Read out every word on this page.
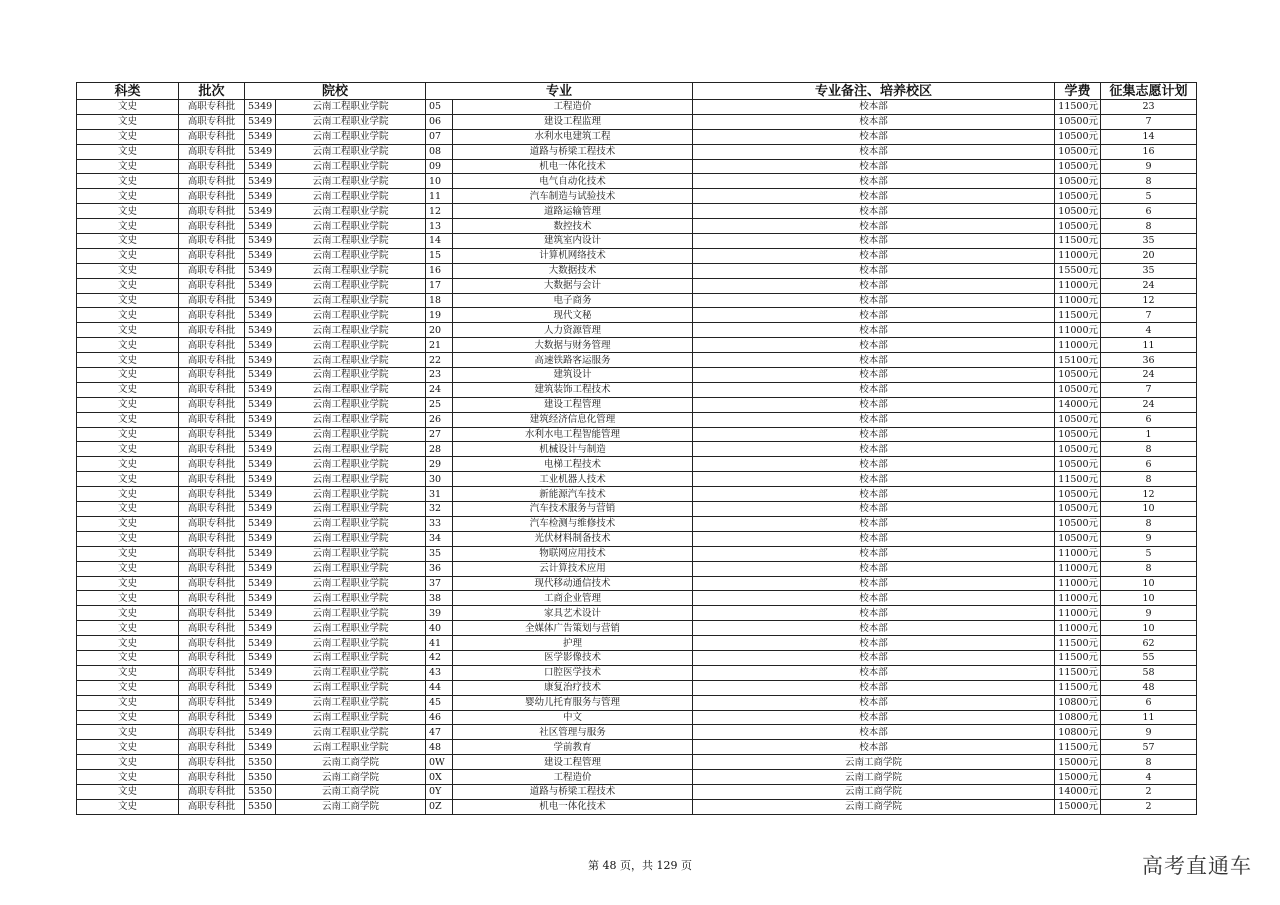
科类	批次	院校		专业		专业备注、培养校区	学费	征集志愿计划
文史	高职专科批	5349	云南工程职业学院	05	工程造价	校本部	11500元	23
文史	高职专科批	5349	云南工程职业学院	06	建设工程监理	校本部	10500元	7
文史	高职专科批	5349	云南工程职业学院	07	水利水电建筑工程	校本部	10500元	14
文史	高职专科批	5349	云南工程职业学院	08	道路与桥梁工程技术	校本部	10500元	16
文史	高职专科批	5349	云南工程职业学院	09	机电一体化技术	校本部	10500元	9
文史	高职专科批	5349	云南工程职业学院	10	电气自动化技术	校本部	10500元	8
文史	高职专科批	5349	云南工程职业学院	11	汽车制造与试验技术	校本部	10500元	5
文史	高职专科批	5349	云南工程职业学院	12	道路运输管理	校本部	10500元	6
文史	高职专科批	5349	云南工程职业学院	13	数控技术	校本部	10500元	8
文史	高职专科批	5349	云南工程职业学院	14	建筑室内设计	校本部	11500元	35
文史	高职专科批	5349	云南工程职业学院	15	计算机网络技术	校本部	11000元	20
文史	高职专科批	5349	云南工程职业学院	16	大数据技术	校本部	15500元	35
文史	高职专科批	5349	云南工程职业学院	17	大数据与会计	校本部	11000元	24
文史	高职专科批	5349	云南工程职业学院	18	电子商务	校本部	11000元	12
文史	高职专科批	5349	云南工程职业学院	19	现代文秘	校本部	11500元	7
文史	高职专科批	5349	云南工程职业学院	20	人力资源管理	校本部	11000元	4
文史	高职专科批	5349	云南工程职业学院	21	大数据与财务管理	校本部	11000元	11
文史	高职专科批	5349	云南工程职业学院	22	高速铁路客运服务	校本部	15100元	36
文史	高职专科批	5349	云南工程职业学院	23	建筑设计	校本部	10500元	24
文史	高职专科批	5349	云南工程职业学院	24	建筑装饰工程技术	校本部	10500元	7
文史	高职专科批	5349	云南工程职业学院	25	建设工程管理	校本部	14000元	24
文史	高职专科批	5349	云南工程职业学院	26	建筑经济信息化管理	校本部	10500元	6
文史	高职专科批	5349	云南工程职业学院	27	水利水电工程智能管理	校本部	10500元	1
文史	高职专科批	5349	云南工程职业学院	28	机械设计与制造	校本部	10500元	8
文史	高职专科批	5349	云南工程职业学院	29	电梯工程技术	校本部	10500元	6
文史	高职专科批	5349	云南工程职业学院	30	工业机器人技术	校本部	11500元	8
文史	高职专科批	5349	云南工程职业学院	31	新能源汽车技术	校本部	10500元	12
文史	高职专科批	5349	云南工程职业学院	32	汽车技术服务与营销	校本部	10500元	10
文史	高职专科批	5349	云南工程职业学院	33	汽车检测与维修技术	校本部	10500元	8
文史	高职专科批	5349	云南工程职业学院	34	光伏材料制备技术	校本部	10500元	9
文史	高职专科批	5349	云南工程职业学院	35	物联网应用技术	校本部	11000元	5
文史	高职专科批	5349	云南工程职业学院	36	云计算技术应用	校本部	11000元	8
文史	高职专科批	5349	云南工程职业学院	37	现代移动通信技术	校本部	11000元	10
文史	高职专科批	5349	云南工程职业学院	38	工商企业管理	校本部	11000元	10
文史	高职专科批	5349	云南工程职业学院	39	家具艺术设计	校本部	11000元	9
文史	高职专科批	5349	云南工程职业学院	40	全媒体广告策划与营销	校本部	11000元	10
文史	高职专科批	5349	云南工程职业学院	41	护理	校本部	11500元	62
文史	高职专科批	5349	云南工程职业学院	42	医学影像技术	校本部	11500元	55
文史	高职专科批	5349	云南工程职业学院	43	口腔医学技术	校本部	11500元	58
文史	高职专科批	5349	云南工程职业学院	44	康复治疗技术	校本部	11500元	48
文史	高职专科批	5349	云南工程职业学院	45	婴幼儿托育服务与管理	校本部	10800元	6
文史	高职专科批	5349	云南工程职业学院	46	中文	校本部	10800元	11
文史	高职专科批	5349	云南工程职业学院	47	社区管理与服务	校本部	10800元	9
文史	高职专科批	5349	云南工程职业学院	48	学前教育	校本部	11500元	57
文史	高职专科批	5350	云南工商学院	0W	建设工程管理	云南工商学院	15000元	8
文史	高职专科批	5350	云南工商学院	0X	工程造价	云南工商学院	15000元	4
文史	高职专科批	5350	云南工商学院	0Y	道路与桥梁工程技术	云南工商学院	14000元	2
文史	高职专科批	5350	云南工商学院	0Z	机电一体化技术	云南工商学院	15000元	2
第 48 页，共 129 页	高考直通车
